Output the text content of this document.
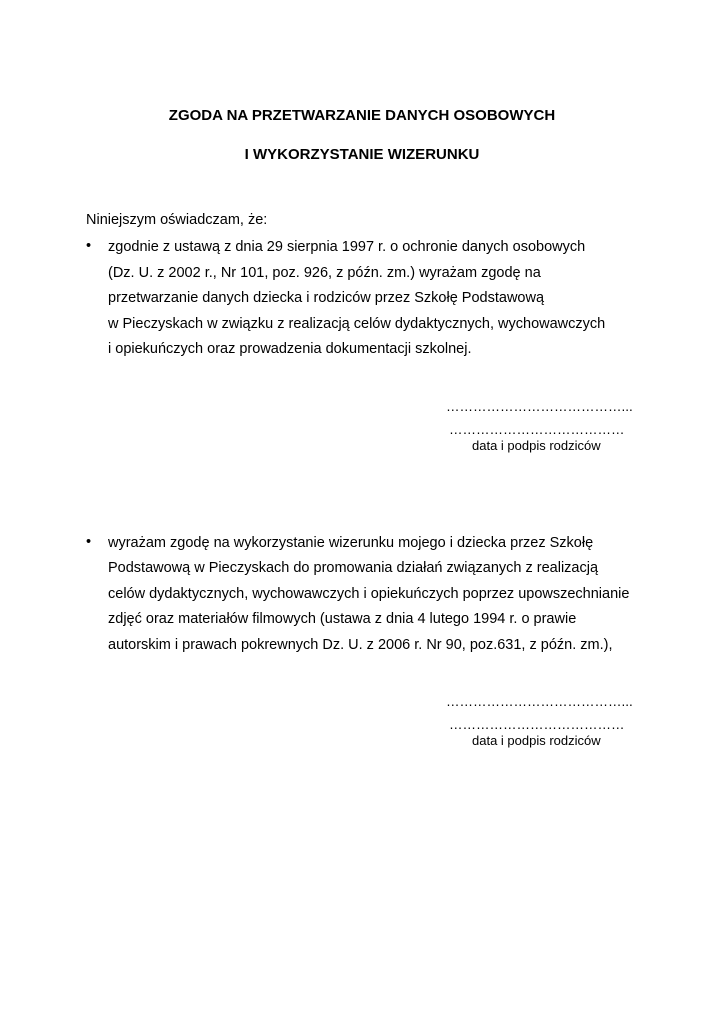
ZGODA NA PRZETWARZANIE DANYCH OSOBOWYCH
I WYKORZYSTANIE WIZERUNKU
Niniejszym oświadczam, że:
• zgodnie z ustawą z dnia 29 sierpnia 1997 r. o ochronie danych osobowych
(Dz. U. z 2002 r., Nr 101, poz. 926, z późn. zm.) wyrażam zgodę na
przetwarzanie danych dziecka i rodziców przez Szkołę Podstawową
w Pieczyskach w związku z realizacją celów dydaktycznych, wychowawczych
i opiekuńczych oraz prowadzenia dokumentacji szkolnej.
…………………………………...
…………………………………
data i podpis rodziców
• wyrażam zgodę na wykorzystanie wizerunku mojego i dziecka przez Szkołę
Podstawową w Pieczyskach do promowania działań związanych z realizacją
celów dydaktycznych, wychowawczych i opiekuńczych poprzez upowszechnianie
zdjęć oraz materiałów filmowych (ustawa z dnia 4 lutego 1994 r. o prawie
autorskim i prawach pokrewnych Dz. U. z 2006 r. Nr 90, poz.631, z późn. zm.),
…………………………………...
…………………………………
data i podpis rodziców
